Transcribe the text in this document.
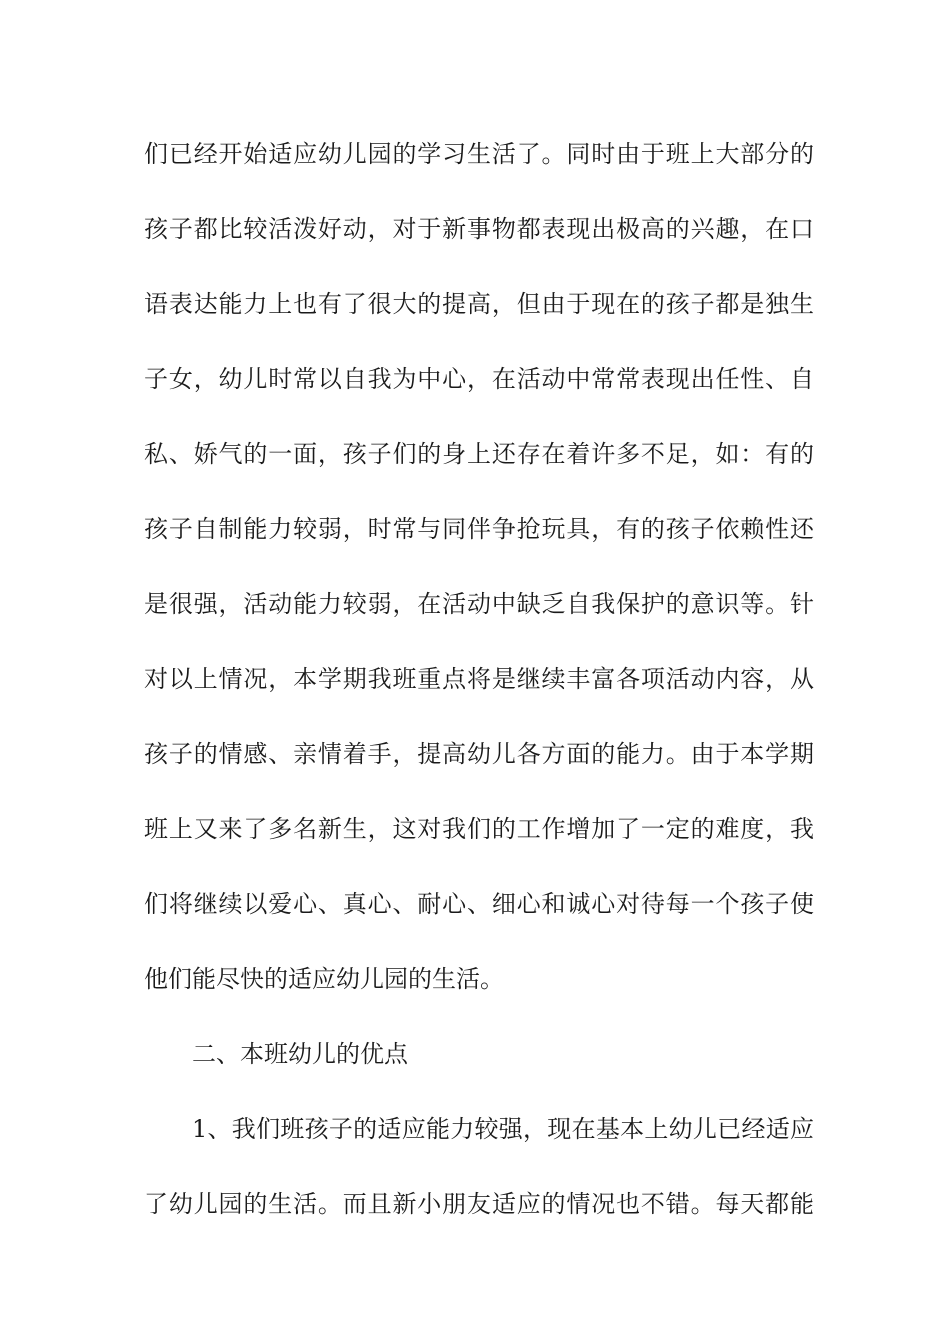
们已经开始适应幼儿园的学习生活了。同时由于班上大部分的
孩子都比较活泼好动，对于新事物都表现出极高的兴趣，在口
语表达能力上也有了很大的提高，但由于现在的孩子都是独生
子女，幼儿时常以自我为中心，在活动中常常表现出任性、自
私、娇气的一面，孩子们的身上还存在着许多不足，如：有的
孩子自制能力较弱，时常与同伴争抢玩具，有的孩子依赖性还
是很强，活动能力较弱，在活动中缺乏自我保护的意识等。针
对以上情况，本学期我班重点将是继续丰富各项活动内容，从
孩子的情感、亲情着手，提高幼儿各方面的能力。由于本学期
班上又来了多名新生，这对我们的工作增加了一定的难度，我
们将继续以爱心、真心、耐心、细心和诚心对待每一个孩子使
他们能尽快的适应幼儿园的生活。
二、本班幼儿的优点
1、我们班孩子的适应能力较强，现在基本上幼儿已经适应
了幼儿园的生活。而且新小朋友适应的情况也不错。每天都能
